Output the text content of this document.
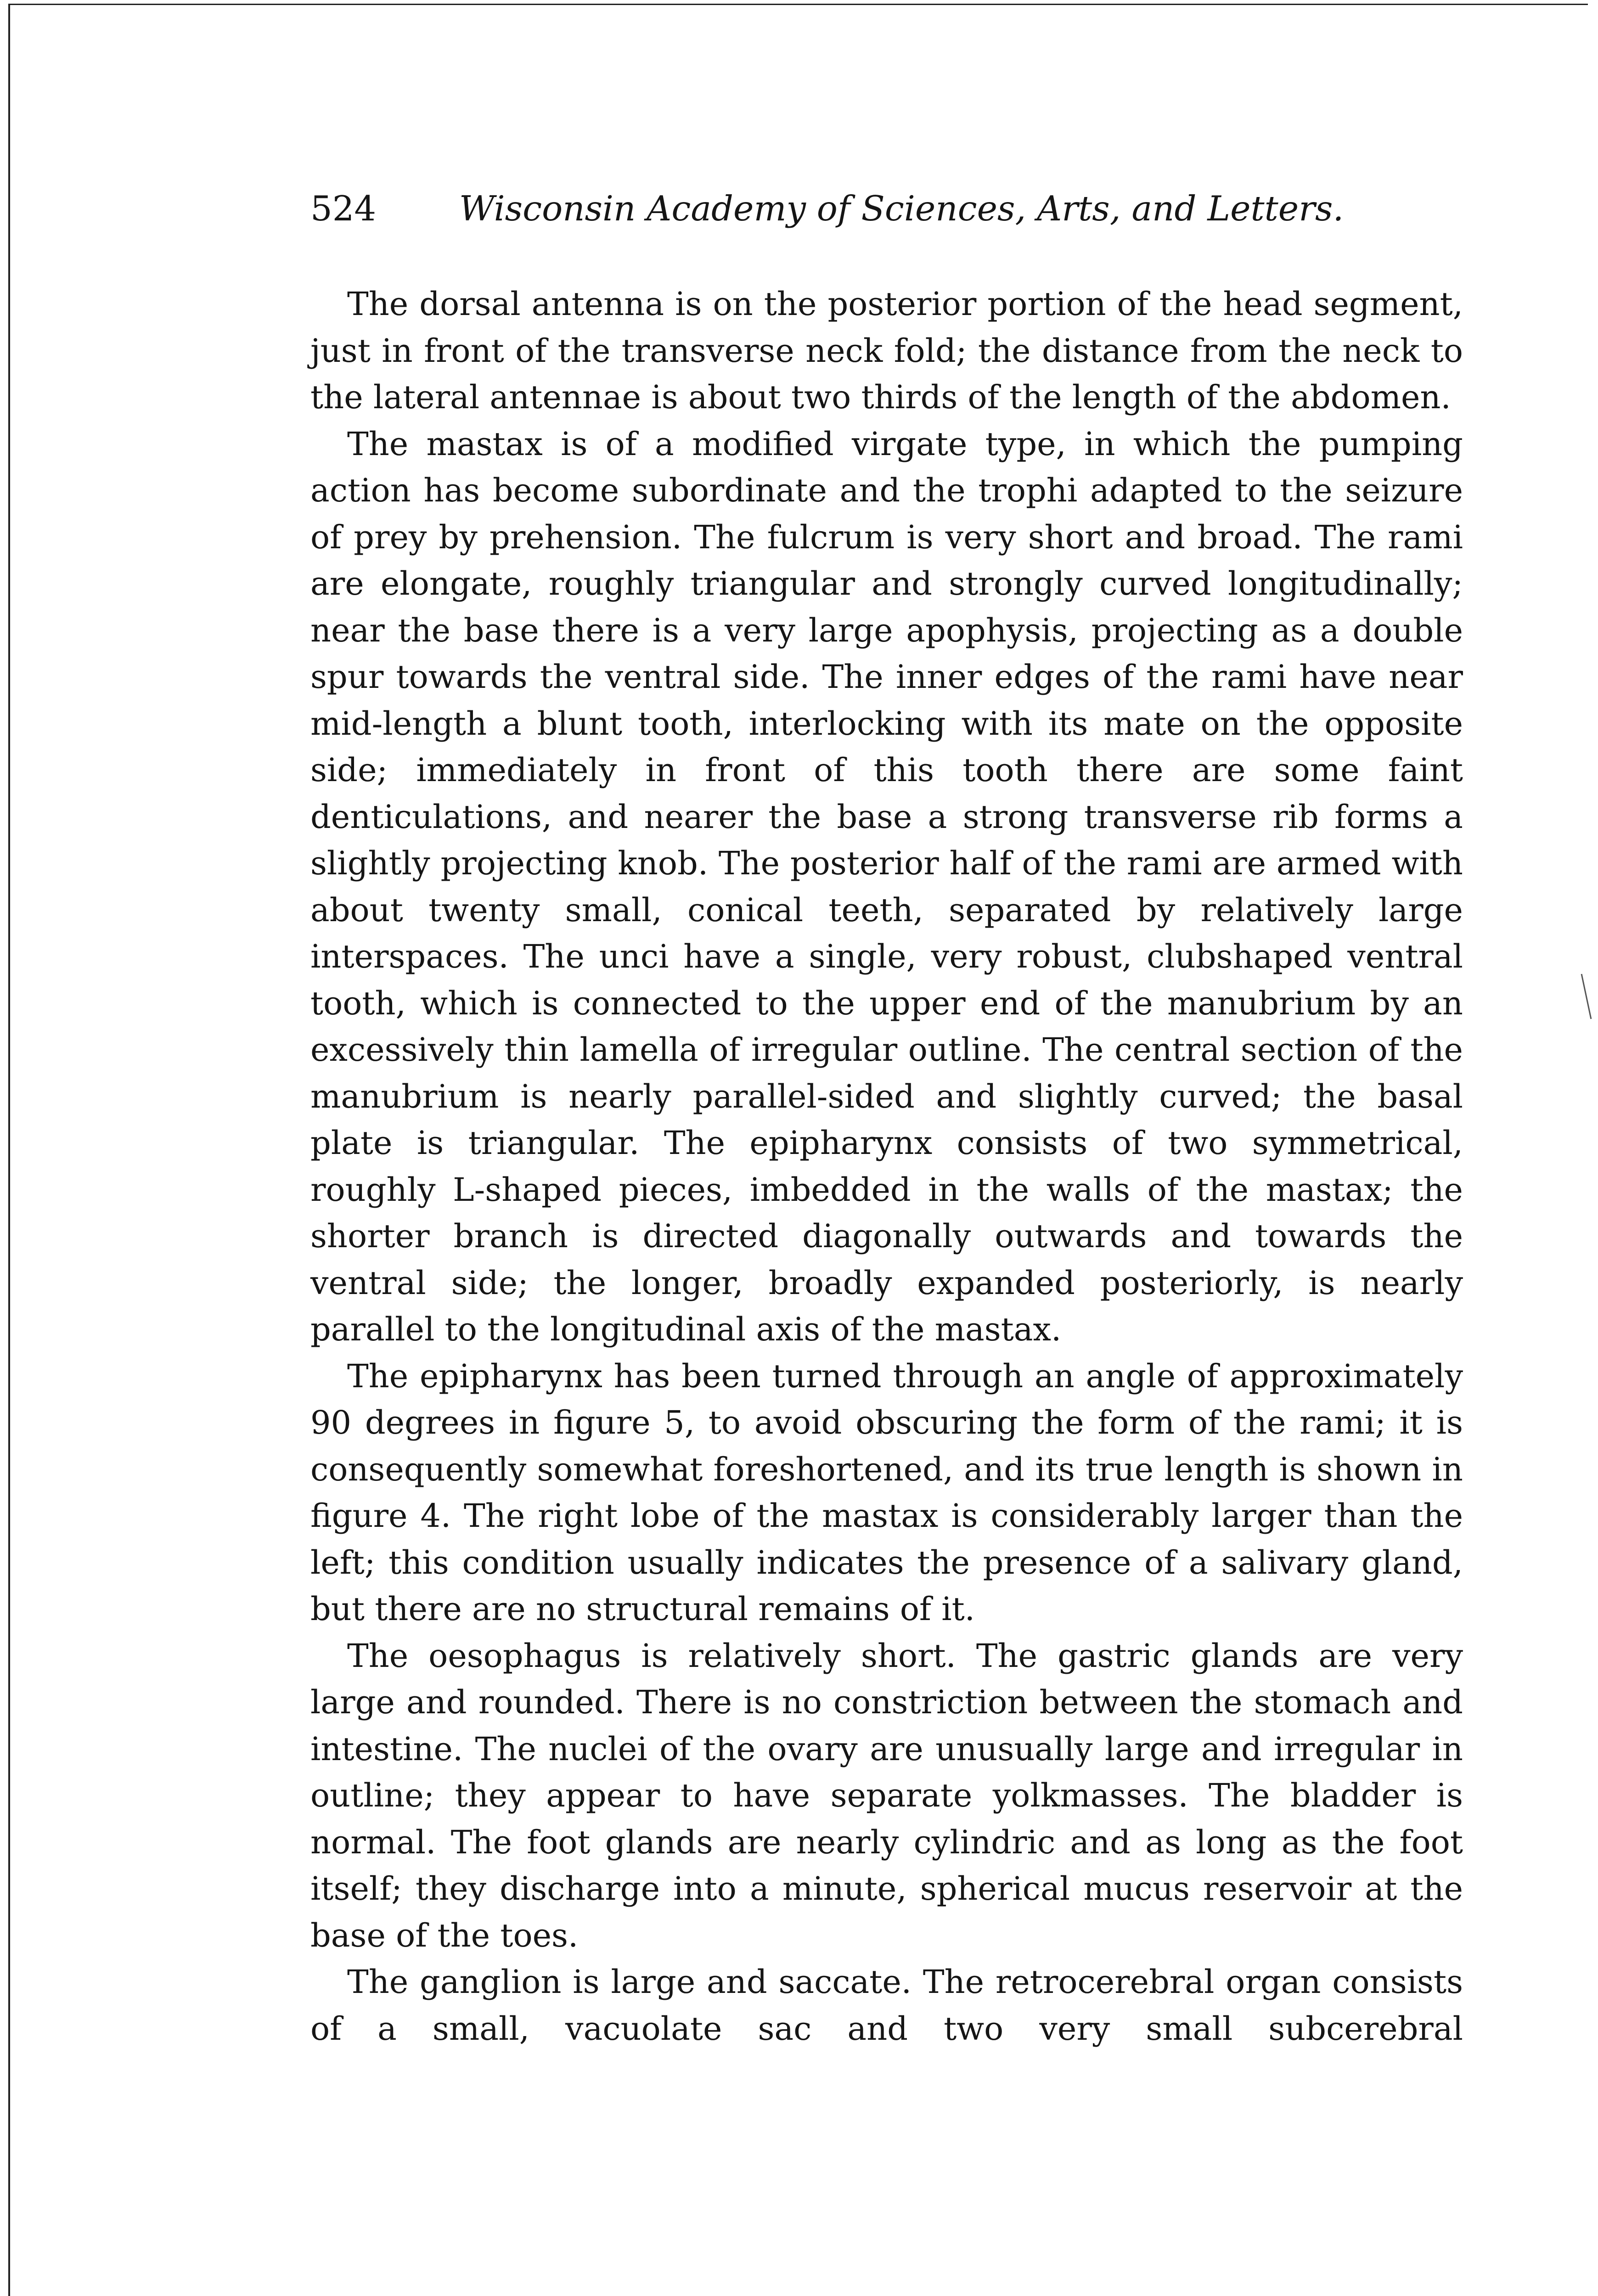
524 Wisconsin Academy of Sciences, Arts, and Letters.

The dorsal antenna is on the posterior portion of the head segment, just in front of the transverse neck fold; the distance from the neck to the lateral antennae is about two thirds of the length of the abdomen.

The mastax is of a modified virgate type, in which the pumping action has become subordinate and the trophi adapted to the seizure of prey by prehension. The fulcrum is very short and broad. The rami are elongate, roughly triangular and strongly curved longitudinally; near the base there is a very large apophysis, projecting as a double spur towards the ventral side. The inner edges of the rami have near mid-length a blunt tooth, interlocking with its mate on the opposite side; immediately in front of this tooth there are some faint denticulations, and nearer the base a strong transverse rib forms a slightly projecting knob. The posterior half of the rami are armed with about twenty small, conical teeth, separated by relatively large interspaces. The unci have a single, very robust, clubshaped ventral tooth, which is connected to the upper end of the manubrium by an excessively thin lamella of irregular outline. The central section of the manubrium is nearly parallel-sided and slightly curved; the basal plate is triangular. The epipharynx consists of two symmetrical, roughly L-shaped pieces, imbedded in the walls of the mastax; the shorter branch is directed diagonally outwards and towards the ventral side; the longer, broadly expanded posteriorly, is nearly parallel to the longitudinal axis of the mastax.

The epipharynx has been turned through an angle of approximately 90 degrees in figure 5, to avoid obscuring the form of the rami; it is consequently somewhat foreshortened, and its true length is shown in figure 4. The right lobe of the mastax is considerably larger than the left; this condition usually indicates the presence of a salivary gland, but there are no structural remains of it.

The oesophagus is relatively short. The gastric glands are very large and rounded. There is no constriction between the stomach and intestine. The nuclei of the ovary are unusually large and irregular in outline; they appear to have separate yolkmasses. The bladder is normal. The foot glands are nearly cylindric and as long as the foot itself; they discharge into a minute, spherical mucus reservoir at the base of the toes.

The ganglion is large and saccate. The retrocerebral organ consists of a small, vacuolate sac and two very small subcerebral
